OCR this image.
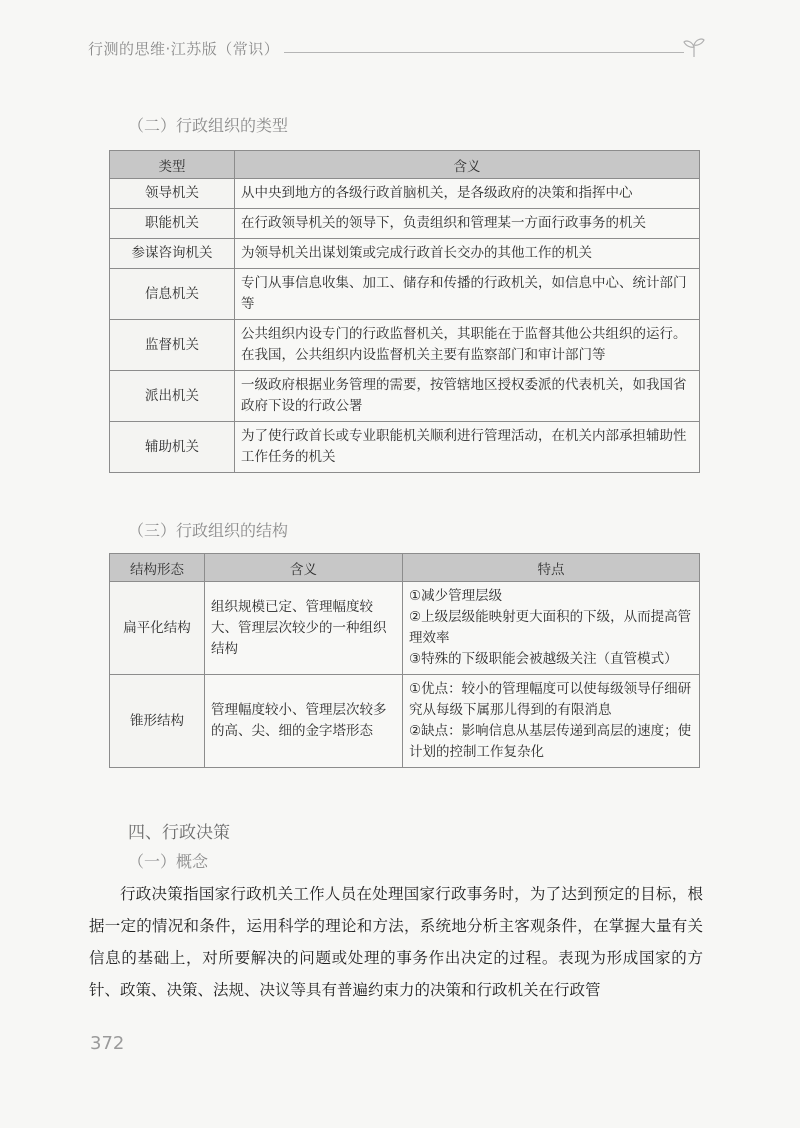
行测的思维·江苏版（常识）
（二）行政组织的类型
类型	含义
领导机关	从中央到地方的各级行政首脑机关，是各级政府的决策和指挥中心
职能机关	在行政领导机关的领导下，负责组织和管理某一方面行政事务的机关
参谋咨询机关	为领导机关出谋划策或完成行政首长交办的其他工作的机关
信息机关	专门从事信息收集、加工、储存和传播的行政机关，如信息中心、统计部门等
监督机关	公共组织内设专门的行政监督机关，其职能在于监督其他公共组织的运行。在我国，公共组织内设监督机关主要有监察部门和审计部门等
派出机关	一级政府根据业务管理的需要，按管辖地区授权委派的代表机关，如我国省政府下设的行政公署
辅助机关	为了使行政首长或专业职能机关顺利进行管理活动，在机关内部承担辅助性工作任务的机关
（三）行政组织的结构
结构形态	含义	特点
扁平化结构	组织规模已定、管理幅度较大、管理层次较少的一种组织结构	①减少管理层级
②上级层级能映射更大面积的下级，从而提高管理效率
③特殊的下级职能会被越级关注（直管模式）

锥形结构	管理幅度较小、管理层次较多的高、尖、细的金字塔形态	①优点：较小的管理幅度可以使每级领导仔细研究从每级下属那儿得到的有限消息
②缺点：影响信息从基层传递到高层的速度；使计划的控制工作复杂化
四、行政决策
（一）概念
行政决策指国家行政机关工作人员在处理国家行政事务时，为了达到预定的目标，根据一定的情况和条件，运用科学的理论和方法，系统地分析主客观条件，在掌握大量有关信息的基础上，对所要解决的问题或处理的事务作出决定的过程。表现为形成国家的方针、政策、决策、法规、决议等具有普遍约束力的决策和行政机关在行政管
372
